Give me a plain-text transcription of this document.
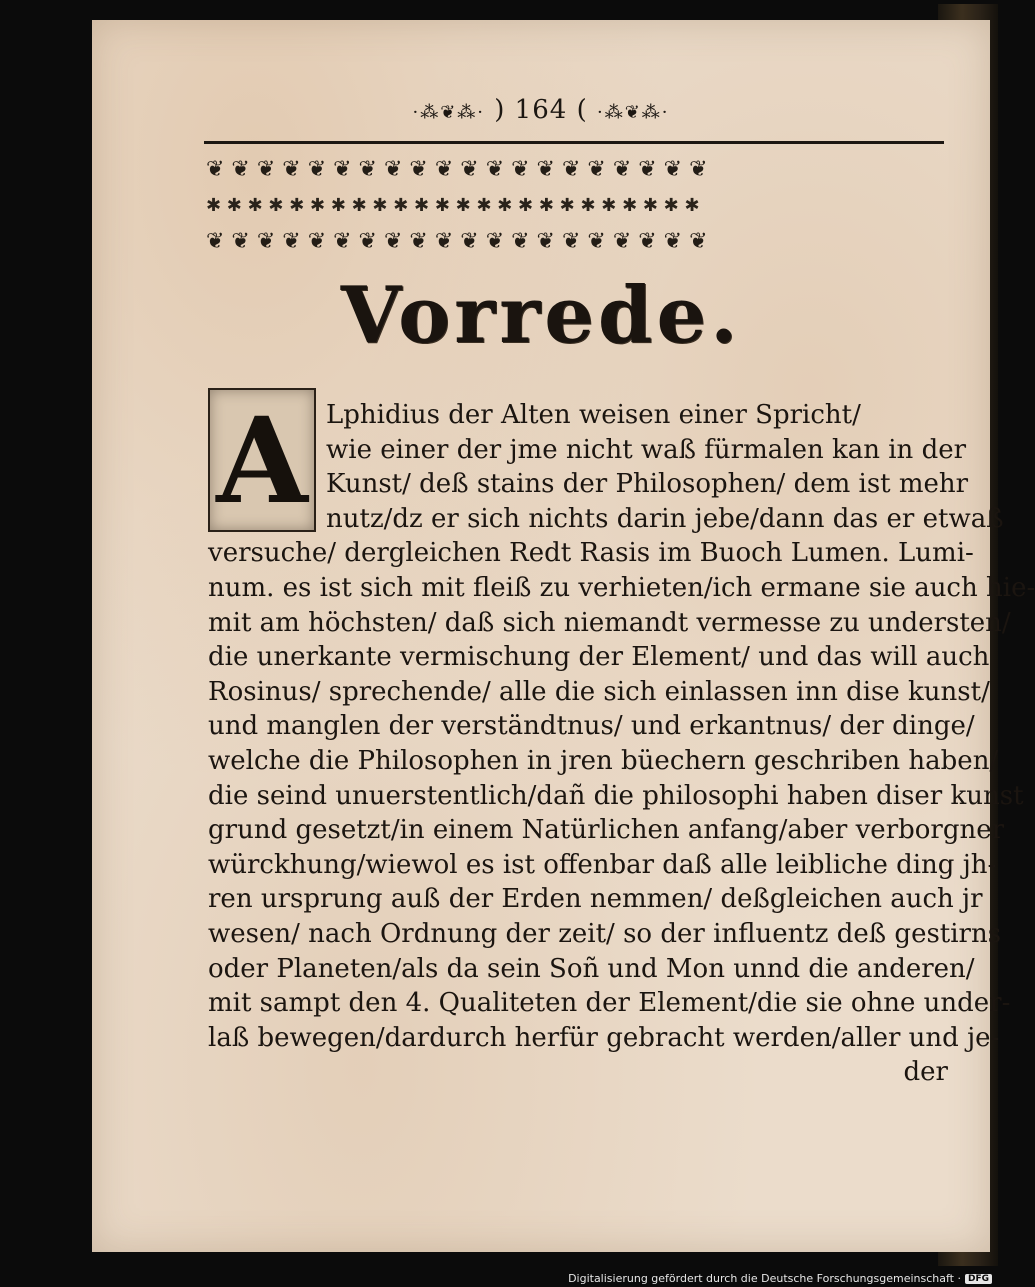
·⁂❦⁂· ) 164 ( ·⁂❦⁂·
❦ ❦ ❦ ❦ ❦ ❦ ❦ ❦ ❦ ❦ ❦ ❦ ❦ ❦ ❦ ❦ ❦ ❦ ❦ ❦
✱ ✱ ✱ ✱ ✱ ✱ ✱ ✱ ✱ ✱ ✱ ✱ ✱ ✱ ✱ ✱ ✱ ✱ ✱ ✱ ✱ ✱ ✱ ✱
❦ ❦ ❦ ❦ ❦ ❦ ❦ ❦ ❦ ❦ ❦ ❦ ❦ ❦ ❦ ❦ ❦ ❦ ❦ ❦
Vorrede.
A Lphidius der Alten weisen einer Spricht/
wie einer der jme nicht waß fürmalen kan in der
Kunst/ deß stains der Philosophen/ dem ist mehr
nutz/dz er sich nichts darin jebe/dann das er etwaß
versuche/ dergleichen Redt Rasis im Buoch Lumen. Lumi-
num. es ist sich mit fleiß zu verhieten/ich ermane sie auch hie-
mit am höchsten/ daß sich niemandt vermesse zu understen/
die unerkante vermischung der Element/ und das will auch
Rosinus/ sprechende/ alle die sich einlassen inn dise kunst/
und manglen der verständtnus/ und erkantnus/ der dinge/
welche die Philosophen in jren büechern geschriben haben/
die seind unuerstentlich/dañ die philosophi haben diser kunst
grund gesetzt/in einem Natürlichen anfang/aber verborgner
würckhung/wiewol es ist offenbar daß alle leibliche ding jh-
ren ursprung auß der Erden nemmen/ deßgleichen auch jr
wesen/ nach Ordnung der zeit/ so der influentz deß gestirns
oder Planeten/als da sein Soñ und Mon unnd die anderen/
mit sampt den 4. Qualiteten der Element/die sie ohne under-
laß bewegen/dardurch herfür gebracht werden/aller und je-
der
Digitalisierung gefördert durch die Deutsche Forschungsgemeinschaft · DFG
